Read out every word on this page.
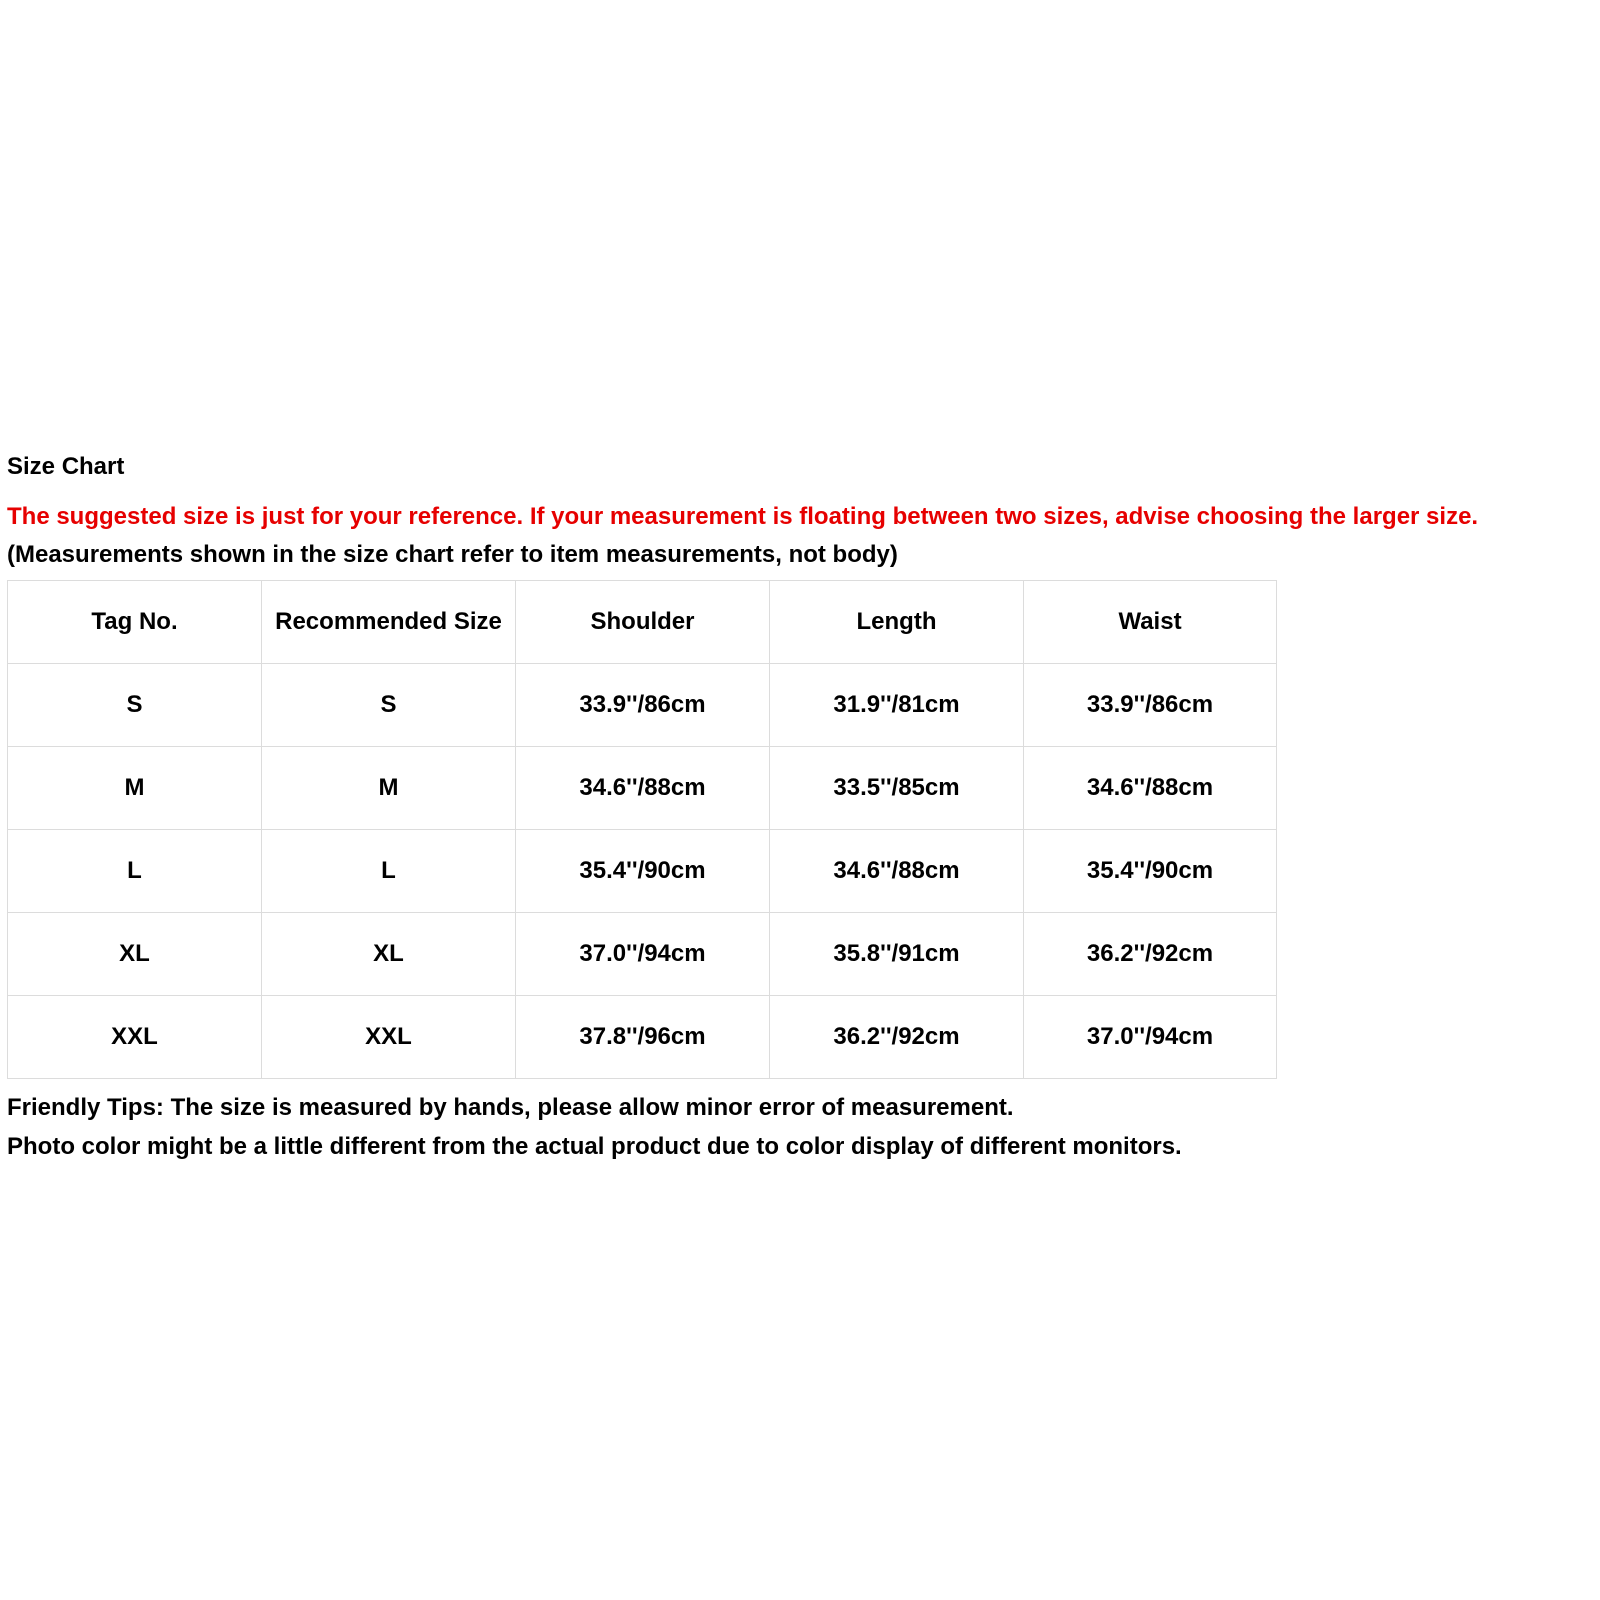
Size Chart
The suggested size is just for your reference. If your measurement is floating between two sizes, advise choosing the larger size.
(Measurements shown in the size chart refer to item measurements, not body)
Tag No.	Recommended Size	Shoulder	Length	Waist
S	S	33.9''/86cm	31.9''/81cm	33.9''/86cm
M	M	34.6''/88cm	33.5''/85cm	34.6''/88cm
L	L	35.4''/90cm	34.6''/88cm	35.4''/90cm
XL	XL	37.0''/94cm	35.8''/91cm	36.2''/92cm
XXL	XXL	37.8''/96cm	36.2''/92cm	37.0''/94cm
Friendly Tips: The size is measured by hands, please allow minor error of measurement.
Photo color might be a little different from the actual product due to color display of different monitors.
